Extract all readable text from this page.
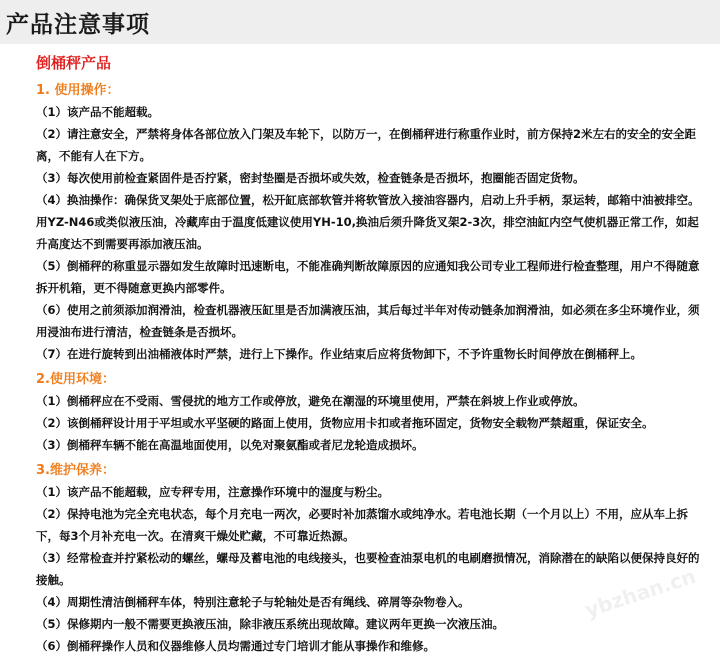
产品注意事项
倒桶秤产品
1. 使用操作：

（1）该产品不能超载。

（2）请注意安全，严禁将身体各部位放入门架及车轮下，以防万一，在倒桶秤进行称重作业时，前方保持2米左右的安全的安全距离，不能有人在下方。

（3）每次使用前检查紧固件是否拧紧，密封垫圈是否损坏或失效，检查链条是否损坏，抱圈能否固定货物。

（4）换油操作：确保货叉架处于底部位置，松开缸底部软管并将软管放入接油容器内，启动上升手柄，泵运转，邮箱中油被排空。用YZ-N46或类似液压油，冷藏库由于温度低建议使用YH-10,换油后须升降货叉架2-3次，排空油缸内空气使机器正常工作，如起升高度达不到需要再添加液压油。

（5）倒桶秤的称重显示器如发生故障时迅速断电，不能准确判断故障原因的应通知我公司专业工程师进行检查整理，用户不得随意拆开机箱，更不得随意更换内部零件。

（6）使用之前须添加润滑油，检查机器液压缸里是否加满液压油，其后每过半年对传动链条加润滑油，如必须在多尘环境作业，须用浸油布进行清洁，检查链条是否损坏。

（7）在进行旋转到出油桶液体时严禁，进行上下操作。作业结束后应将货物卸下，不予许重物长时间停放在倒桶秤上。

2.使用环境：

（1）倒桶秤应在不受雨、雪侵扰的地方工作或停放，避免在潮湿的环境里使用，严禁在斜坡上作业或停放。

（2）该倒桶秤设计用于平坦或水平坚硬的路面上使用，货物应用卡扣或者拖环固定，货物安全载物严禁超重，保证安全。

（3）倒桶秤车辆不能在高温地面使用，以免对聚氨酯或者尼龙轮造成损坏。

3.维护保养：

（1）该产品不能超载，应专秤专用，注意操作环境中的湿度与粉尘。

（2）保持电池为完全充电状态，每个月充电一两次，必要时补加蒸馏水或纯净水。若电池长期（一个月以上）不用，应从车上拆下，每3个月补充电一次。在清爽干燥处贮藏，不可靠近热源。

（3）经常检查并拧紧松动的螺丝，螺母及蓄电池的电线接头，也要检查油泵电机的电刷磨损情况，消除潜在的缺陷以便保持良好的接触。

（4）周期性清洁倒桶秤车体，特别注意轮子与轮轴处是否有绳线、碎屑等杂物卷入。

（5）保修期内一般不需要更换液压油，除非液压系统出现故障。建议两年更换一次液压油。

（6）倒桶秤操作人员和仪器维修人员均需通过专门培训才能从事操作和维修。

ybzhan.cn
